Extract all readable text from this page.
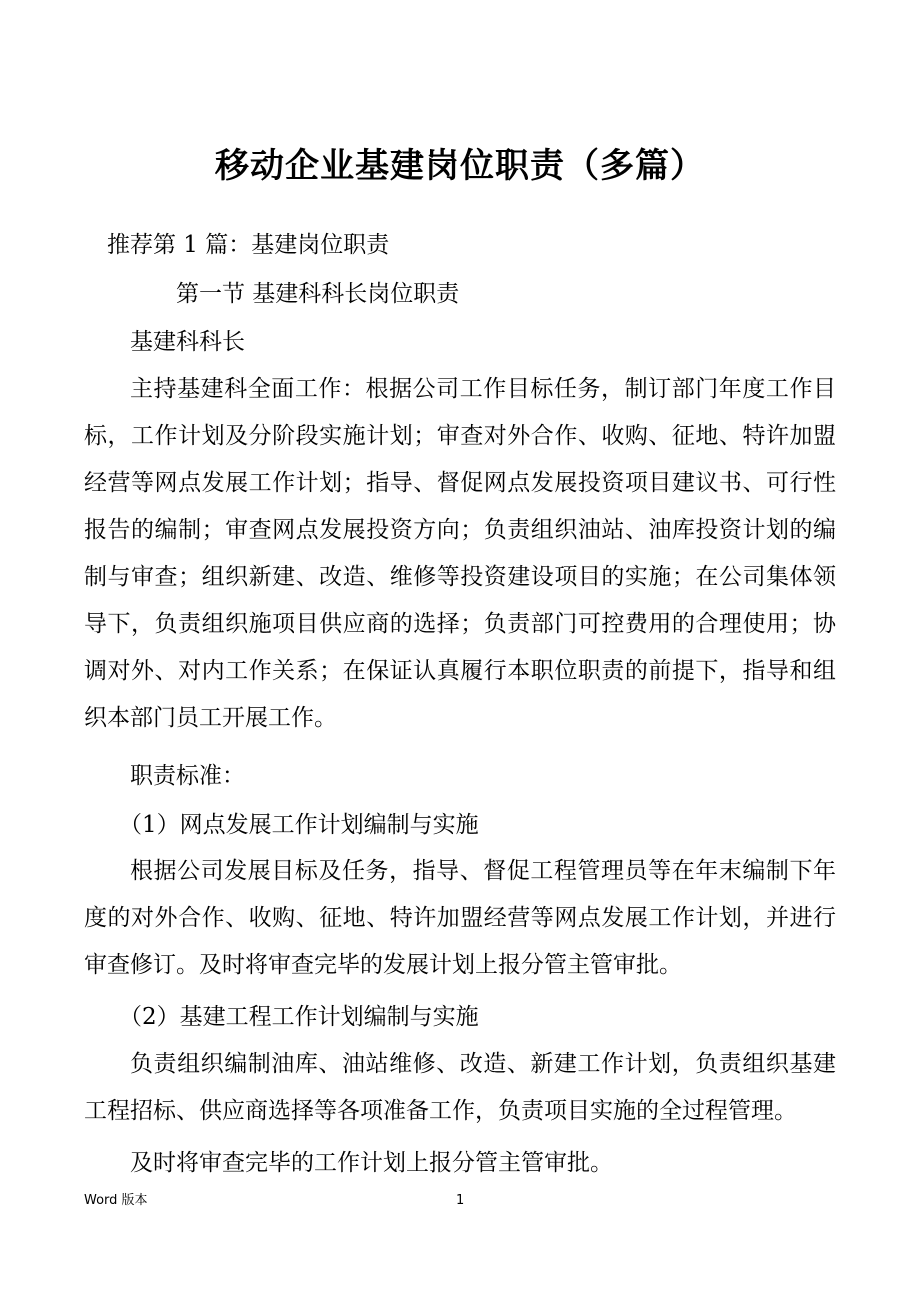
移动企业基建岗位职责（多篇）
推荐第 1 篇：基建岗位职责
第一节 基建科科长岗位职责
基建科科长
主持基建科全面工作：根据公司工作目标任务，制订部门年度工作目标，工作计划及分阶段实施计划；审查对外合作、收购、征地、特许加盟经营等网点发展工作计划；指导、督促网点发展投资项目建议书、可行性报告的编制；审查网点发展投资方向；负责组织油站、油库投资计划的编制与审查；组织新建、改造、维修等投资建设项目的实施；在公司集体领导下，负责组织施项目供应商的选择；负责部门可控费用的合理使用；协调对外、对内工作关系；在保证认真履行本职位职责的前提下，指导和组织本部门员工开展工作。
职责标准：
（1）网点发展工作计划编制与实施
根据公司发展目标及任务，指导、督促工程管理员等在年末编制下年度的对外合作、收购、征地、特许加盟经营等网点发展工作计划，并进行审查修订。及时将审查完毕的发展计划上报分管主管审批。
（2）基建工程工作计划编制与实施
负责组织编制油库、油站维修、改造、新建工作计划，负责组织基建工程招标、供应商选择等各项准备工作，负责项目实施的全过程管理。
及时将审查完毕的工作计划上报分管主管审批。
Word 版本	1
